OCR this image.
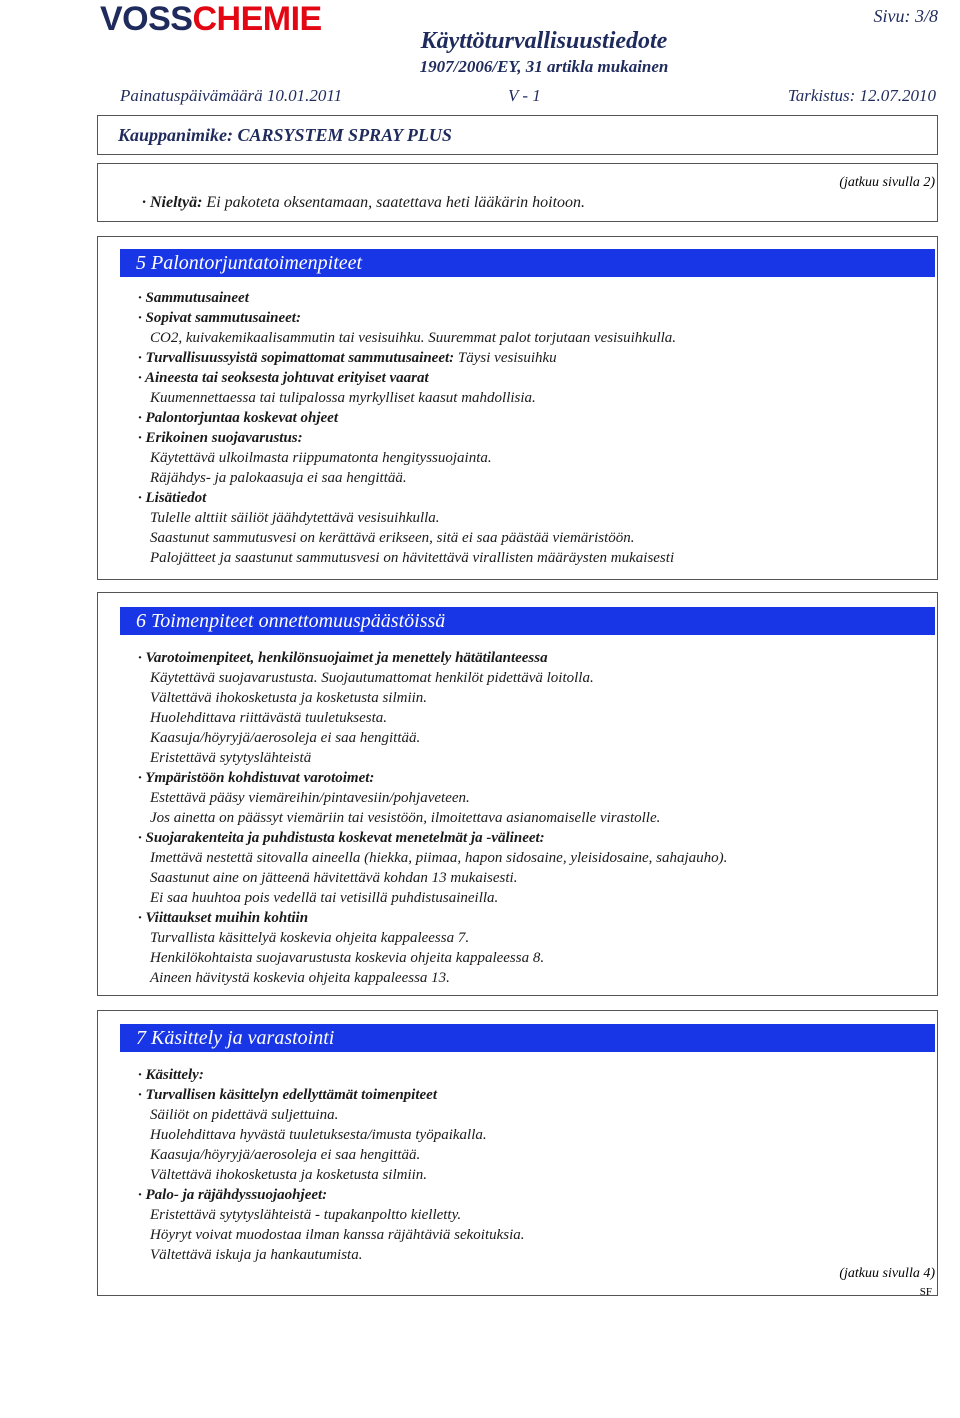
VOSSCHEMIE	Sivu: 3/8
Käyttöturvallisuustiedote
1907/2006/EY, 31 artikla mukainen
Painatuspäivämäärä 10.01.2011	V - 1	Tarkistus: 12.07.2010
Kauppanimike: CARSYSTEM SPRAY PLUS
(jatkuu sivulla 2)
· Nieltyä: Ei pakoteta oksentamaan, saatettava heti lääkärin hoitoon.
5 Palontorjuntatoimenpiteet
· Sammutusaineet
· Sopivat sammutusaineet:
CO2, kuivakemikaalisammutin tai vesisuihku. Suuremmat palot torjutaan vesisuihkulla.
· Turvallisuussyistä sopimattomat sammutusaineet: Täysi vesisuihku
· Aineesta tai seoksesta johtuvat erityiset vaarat
Kuumennettaessa tai tulipalossa myrkylliset kaasut mahdollisia.
· Palontorjuntaa koskevat ohjeet
· Erikoinen suojavarustus:
Käytettävä ulkoilmasta riippumatonta hengityssuojainta.
Räjähdys- ja palokaasuja ei saa hengittää.
· Lisätiedot
Tulelle alttiit säiliöt jäähdytettävä vesisuihkulla.
Saastunut sammutusvesi on kerättävä erikseen, sitä ei saa päästää viemäristöön.
Palojätteet ja saastunut sammutusvesi on hävitettävä virallisten määräysten mukaisesti
6 Toimenpiteet onnettomuuspäästöissä
· Varotoimenpiteet, henkilönsuojaimet ja menettely hätätilanteessa
Käytettävä suojavarustusta. Suojautumattomat henkilöt pidettävä loitolla.
Vältettävä ihokosketusta ja kosketusta silmiin.
Huolehdittava riittävästä tuuletuksesta.
Kaasuja/höyryjä/aerosoleja ei saa hengittää.
Eristettävä sytytyslähteistä
· Ympäristöön kohdistuvat varotoimet:
Estettävä pääsy viemäreihin/pintavesiin/pohjaveteen.
Jos ainetta on päässyt viemäriin tai vesistöön, ilmoitettava asianomaiselle virastolle.
· Suojarakenteita ja puhdistusta koskevat menetelmät ja -välineet:
Imettävä nestettä sitovalla aineella (hiekka, piimaa, hapon sidosaine, yleisidosaine, sahajauho).
Saastunut aine on jätteenä hävitettävä kohdan 13 mukaisesti.
Ei saa huuhtoa pois vedellä tai vetisillä puhdistusaineilla.
· Viittaukset muihin kohtiin
Turvallista käsittelyä koskevia ohjeita kappaleessa 7.
Henkilökohtaista suojavarustusta koskevia ohjeita kappaleessa 8.
Aineen hävitystä koskevia ohjeita kappaleessa 13.
7 Käsittely ja varastointi
· Käsittely:
· Turvallisen käsittelyn edellyttämät toimenpiteet
Säiliöt on pidettävä suljettuina.
Huolehdittava hyvästä tuuletuksesta/imusta työpaikalla.
Kaasuja/höyryjä/aerosoleja ei saa hengittää.
Vältettävä ihokosketusta ja kosketusta silmiin.
· Palo- ja räjähdyssuojaohjeet:
Eristettävä sytytyslähteistä - tupakanpoltto kielletty.
Höyryt voivat muodostaa ilman kanssa räjähtäviä sekoituksia.
Vältettävä iskuja ja hankautumista.
(jatkuu sivulla 4)
SF
